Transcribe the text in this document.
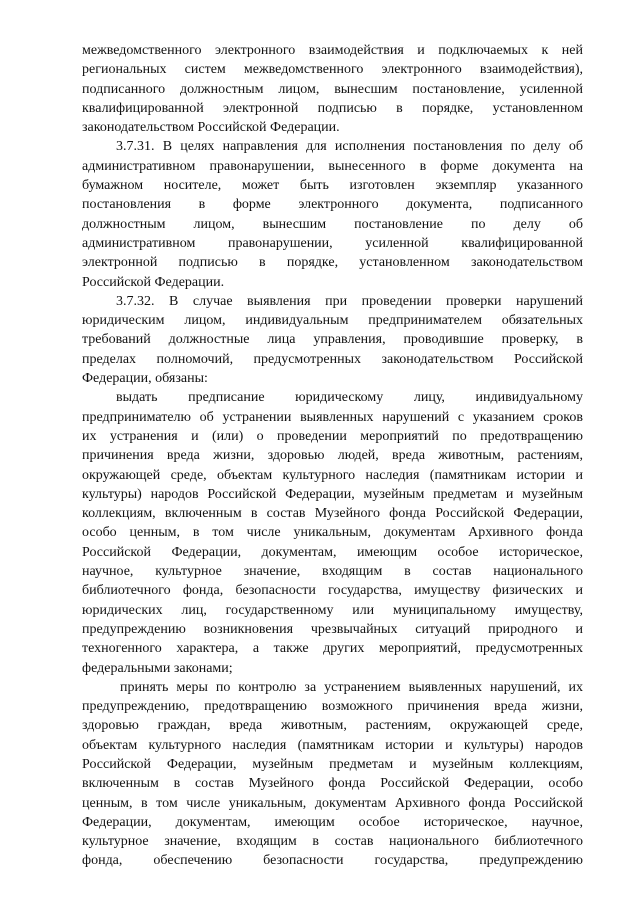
межведомственного электронного взаимодействия и подключаемых к ней
региональных систем межведомственного электронного взаимодействия),
подписанного должностным лицом, вынесшим постановление, усиленной
квалифицированной электронной подписью в порядке, установленном
законодательством Российской Федерации.
3.7.31. В целях направления для исполнения постановления по делу об
административном правонарушении, вынесенного в форме документа на
бумажном носителе, может быть изготовлен экземпляр указанного
постановления в форме электронного документа, подписанного
должностным лицом, вынесшим постановление по делу об
административном правонарушении, усиленной квалифицированной
электронной подписью в порядке, установленном законодательством
Российской Федерации.
3.7.32. В случае выявления при проведении проверки нарушений
юридическим лицом, индивидуальным предпринимателем обязательных
требований должностные лица управления, проводившие проверку, в
пределах полномочий, предусмотренных законодательством Российской
Федерации, обязаны:
выдать предписание юридическому лицу, индивидуальному
предпринимателю об устранении выявленных нарушений с указанием сроков
их устранения и (или) о проведении мероприятий по предотвращению
причинения вреда жизни, здоровью людей, вреда животным, растениям,
окружающей среде, объектам культурного наследия (памятникам истории и
культуры) народов Российской Федерации, музейным предметам и музейным
коллекциям, включенным в состав Музейного фонда Российской Федерации,
особо ценным, в том числе уникальным, документам Архивного фонда
Российской Федерации, документам, имеющим особое историческое,
научное, культурное значение, входящим в состав национального
библиотечного фонда, безопасности государства, имуществу физических и
юридических лиц, государственному или муниципальному имуществу,
предупреждению возникновения чрезвычайных ситуаций природного и
техногенного характера, а также других мероприятий, предусмотренных
федеральными законами;
принять меры по контролю за устранением выявленных нарушений, их
предупреждению, предотвращению возможного причинения вреда жизни,
здоровью граждан, вреда животным, растениям, окружающей среде,
объектам культурного наследия (памятникам истории и культуры) народов
Российской Федерации, музейным предметам и музейным коллекциям,
включенным в состав Музейного фонда Российской Федерации, особо
ценным, в том числе уникальным, документам Архивного фонда Российской
Федерации, документам, имеющим особое историческое, научное,
культурное значение, входящим в состав национального библиотечного
фонда, обеспечению безопасности государства, предупреждению
